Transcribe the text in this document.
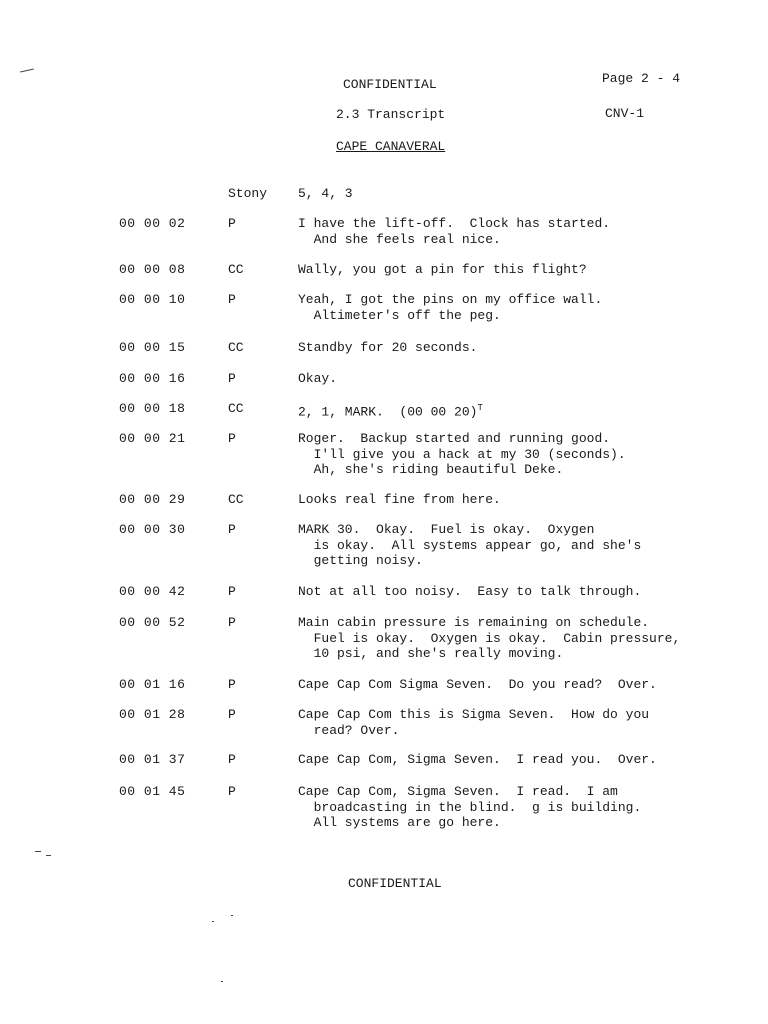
CONFIDENTIAL	Page 2 - 4
2.3 Transcript	CNV-1
CAPE CANAVERAL
Stony 5, 4, 3
00 00 02	P	I have the lift-off.  Clock has started.
And she feels real nice.
00 00 08	CC	Wally, you got a pin for this flight?
00 00 10	P	Yeah, I got the pins on my office wall.
Altimeter's off the peg.
00 00 15	CC	Standby for 20 seconds.
00 00 16	P	Okay.
00 00 18	CC	2, 1, MARK.  (00 00 20)$^T$
00 00 21	P	Roger.  Backup started and running good.
I'll give you a hack at my 30 (seconds).
Ah, she's riding beautiful Deke.
00 00 29	CC	Looks real fine from here.
00 00 30	P	MARK 30.  Okay.  Fuel is okay.  Oxygen
is okay.  All systems appear go, and she's
getting noisy.
00 00 42	P	Not at all too noisy.  Easy to talk through.
00 00 52	P	Main cabin pressure is remaining on schedule.
Fuel is okay.  Oxygen is okay.  Cabin pressure,
10 psi, and she's really moving.
00 01 16	P	Cape Cap Com Sigma Seven.  Do you read?  Over.
00 01 28	P	Cape Cap Com this is Sigma Seven.  How do you
read? Over.
00 01 37	P	Cape Cap Com, Sigma Seven.  I read you.  Over.
00 01 45	P	Cape Cap Com, Sigma Seven.  I read.  I am
broadcasting in the blind.  g is building.
All systems are go here.
CONFIDENTIAL
